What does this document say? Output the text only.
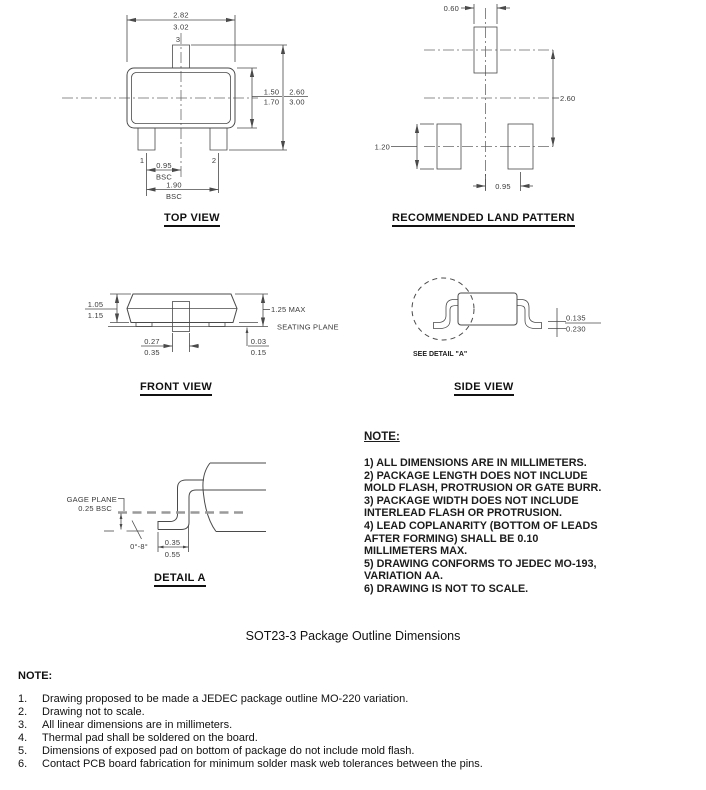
1	2
3
2.82
3.02
1.50
1.70
2.60
3.00
0.95
BSC
1.90
BSC
0.60
2.60
1.20
0.95
1.05
1.15
0.27
0.35
0.03
0.15
1.25 MAX
SEATING PLANE
SEE DETAIL "A"
0.135
0.230
GAGE PLANE
0.25 BSC
0°-8° 0.35
0.55
TOP VIEW	RECOMMENDED LAND PATTERN
FRONT VIEW	SIDE VIEW
DETAIL A
NOTE:
1) ALL DIMENSIONS ARE IN MILLIMETERS.
2) PACKAGE LENGTH DOES NOT INCLUDE
MOLD FLASH, PROTRUSION OR GATE BURR.
3) PACKAGE WIDTH DOES NOT INCLUDE
INTERLEAD FLASH OR PROTRUSION.
4) LEAD COPLANARITY (BOTTOM OF LEADS
AFTER FORMING) SHALL BE 0.10
MILLIMETERS MAX.
5) DRAWING CONFORMS TO JEDEC MO-193,
VARIATION AA.
6) DRAWING IS NOT TO SCALE.
SOT23-3 Package Outline Dimensions
NOTE:
1.	Drawing proposed to be made a JEDEC package outline MO-220 variation.
2.	Drawing not to scale.
3.	All linear dimensions are in millimeters.
4.	Thermal pad shall be soldered on the board.
5.	Dimensions of exposed pad on bottom of package do not include mold flash.
6.	Contact PCB board fabrication for minimum solder mask web tolerances between the pins.
